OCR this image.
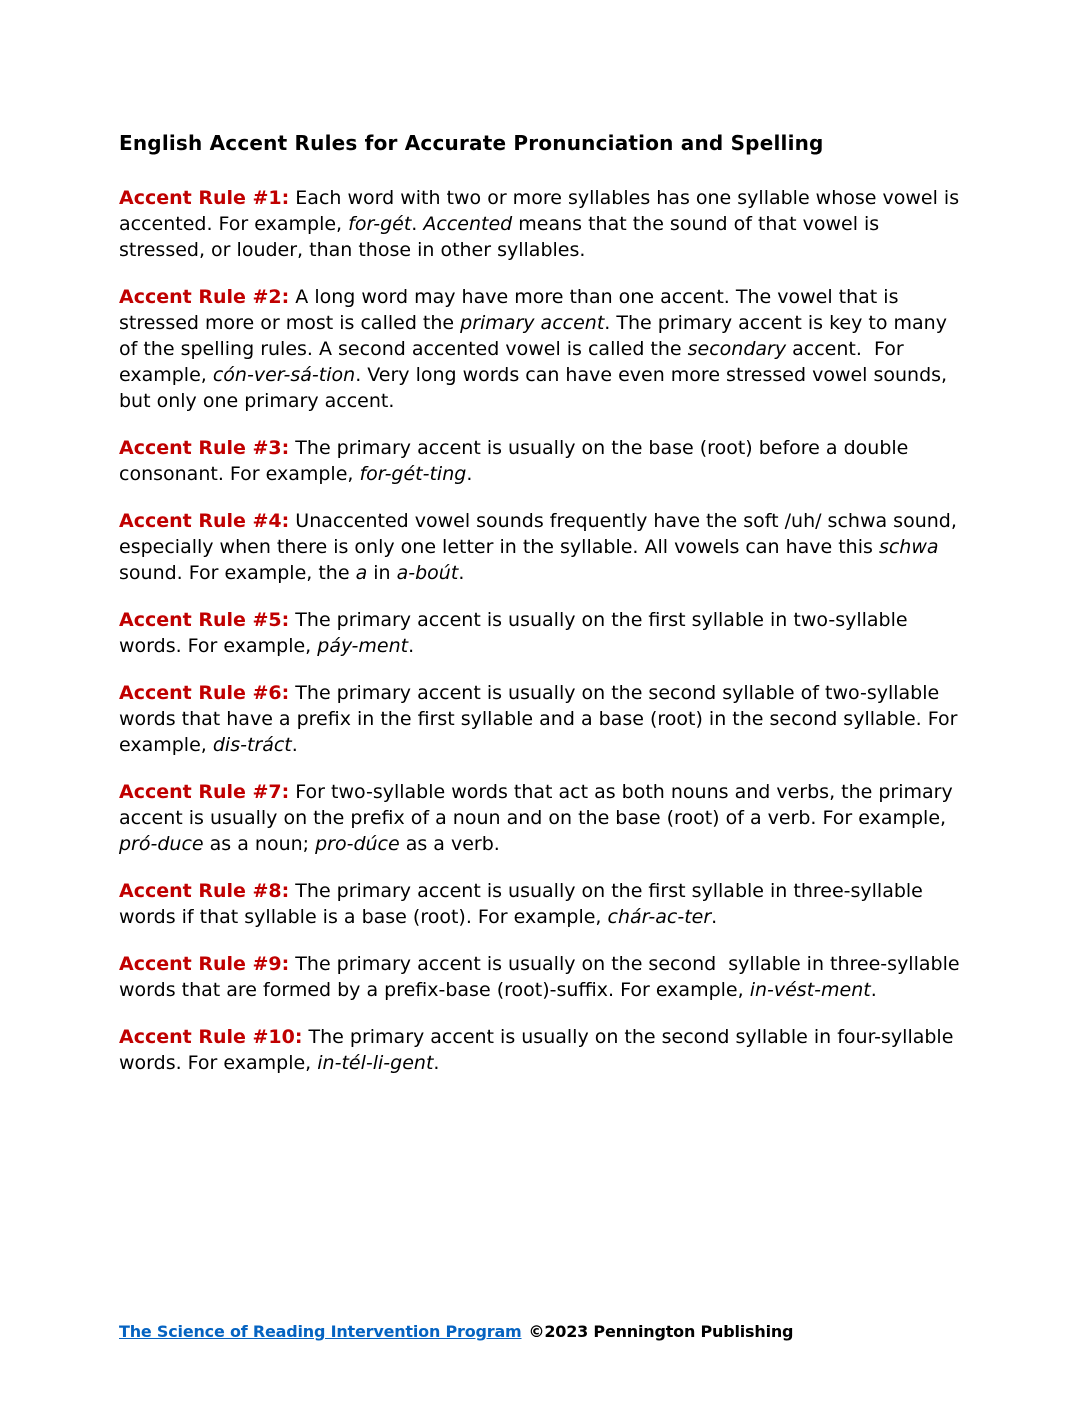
English Accent Rules for Accurate Pronunciation and Spelling

Accent Rule #1: Each word with two or more syllables has one syllable whose vowel is accented. For example, for-gét. Accented means that the sound of that vowel is stressed, or louder, than those in other syllables.

Accent Rule #2: A long word may have more than one accent. The vowel that is stressed more or most is called the primary accent. The primary accent is key to many of the spelling rules. A second accented vowel is called the secondary accent.  For example, cón-ver-sá-tion. Very long words can have even more stressed vowel sounds, but only one primary accent.

Accent Rule #3: The primary accent is usually on the base (root) before a double consonant. For example, for-gét-ting.

Accent Rule #4: Unaccented vowel sounds frequently have the soft /uh/ schwa sound, especially when there is only one letter in the syllable. All vowels can have this schwa sound. For example, the a in a-boút.

Accent Rule #5: The primary accent is usually on the first syllable in two-syllable words. For example, páy-ment.

Accent Rule #6: The primary accent is usually on the second syllable of two-syllable words that have a prefix in the first syllable and a base (root) in the second syllable. For example, dis-tráct.

Accent Rule #7: For two-syllable words that act as both nouns and verbs, the primary accent is usually on the prefix of a noun and on the base (root) of a verb. For example, pró-duce as a noun; pro-dúce as a verb.

Accent Rule #8: The primary accent is usually on the first syllable in three-syllable words if that syllable is a base (root). For example, chár-ac-ter.

Accent Rule #9: The primary accent is usually on the second  syllable in three-syllable words that are formed by a prefix-base (root)-suffix. For example, in-vést-ment.

Accent Rule #10: The primary accent is usually on the second syllable in four-syllable words. For example, in-tél-li-gent.

The Science of Reading Intervention Program ©2023 Pennington Publishing
